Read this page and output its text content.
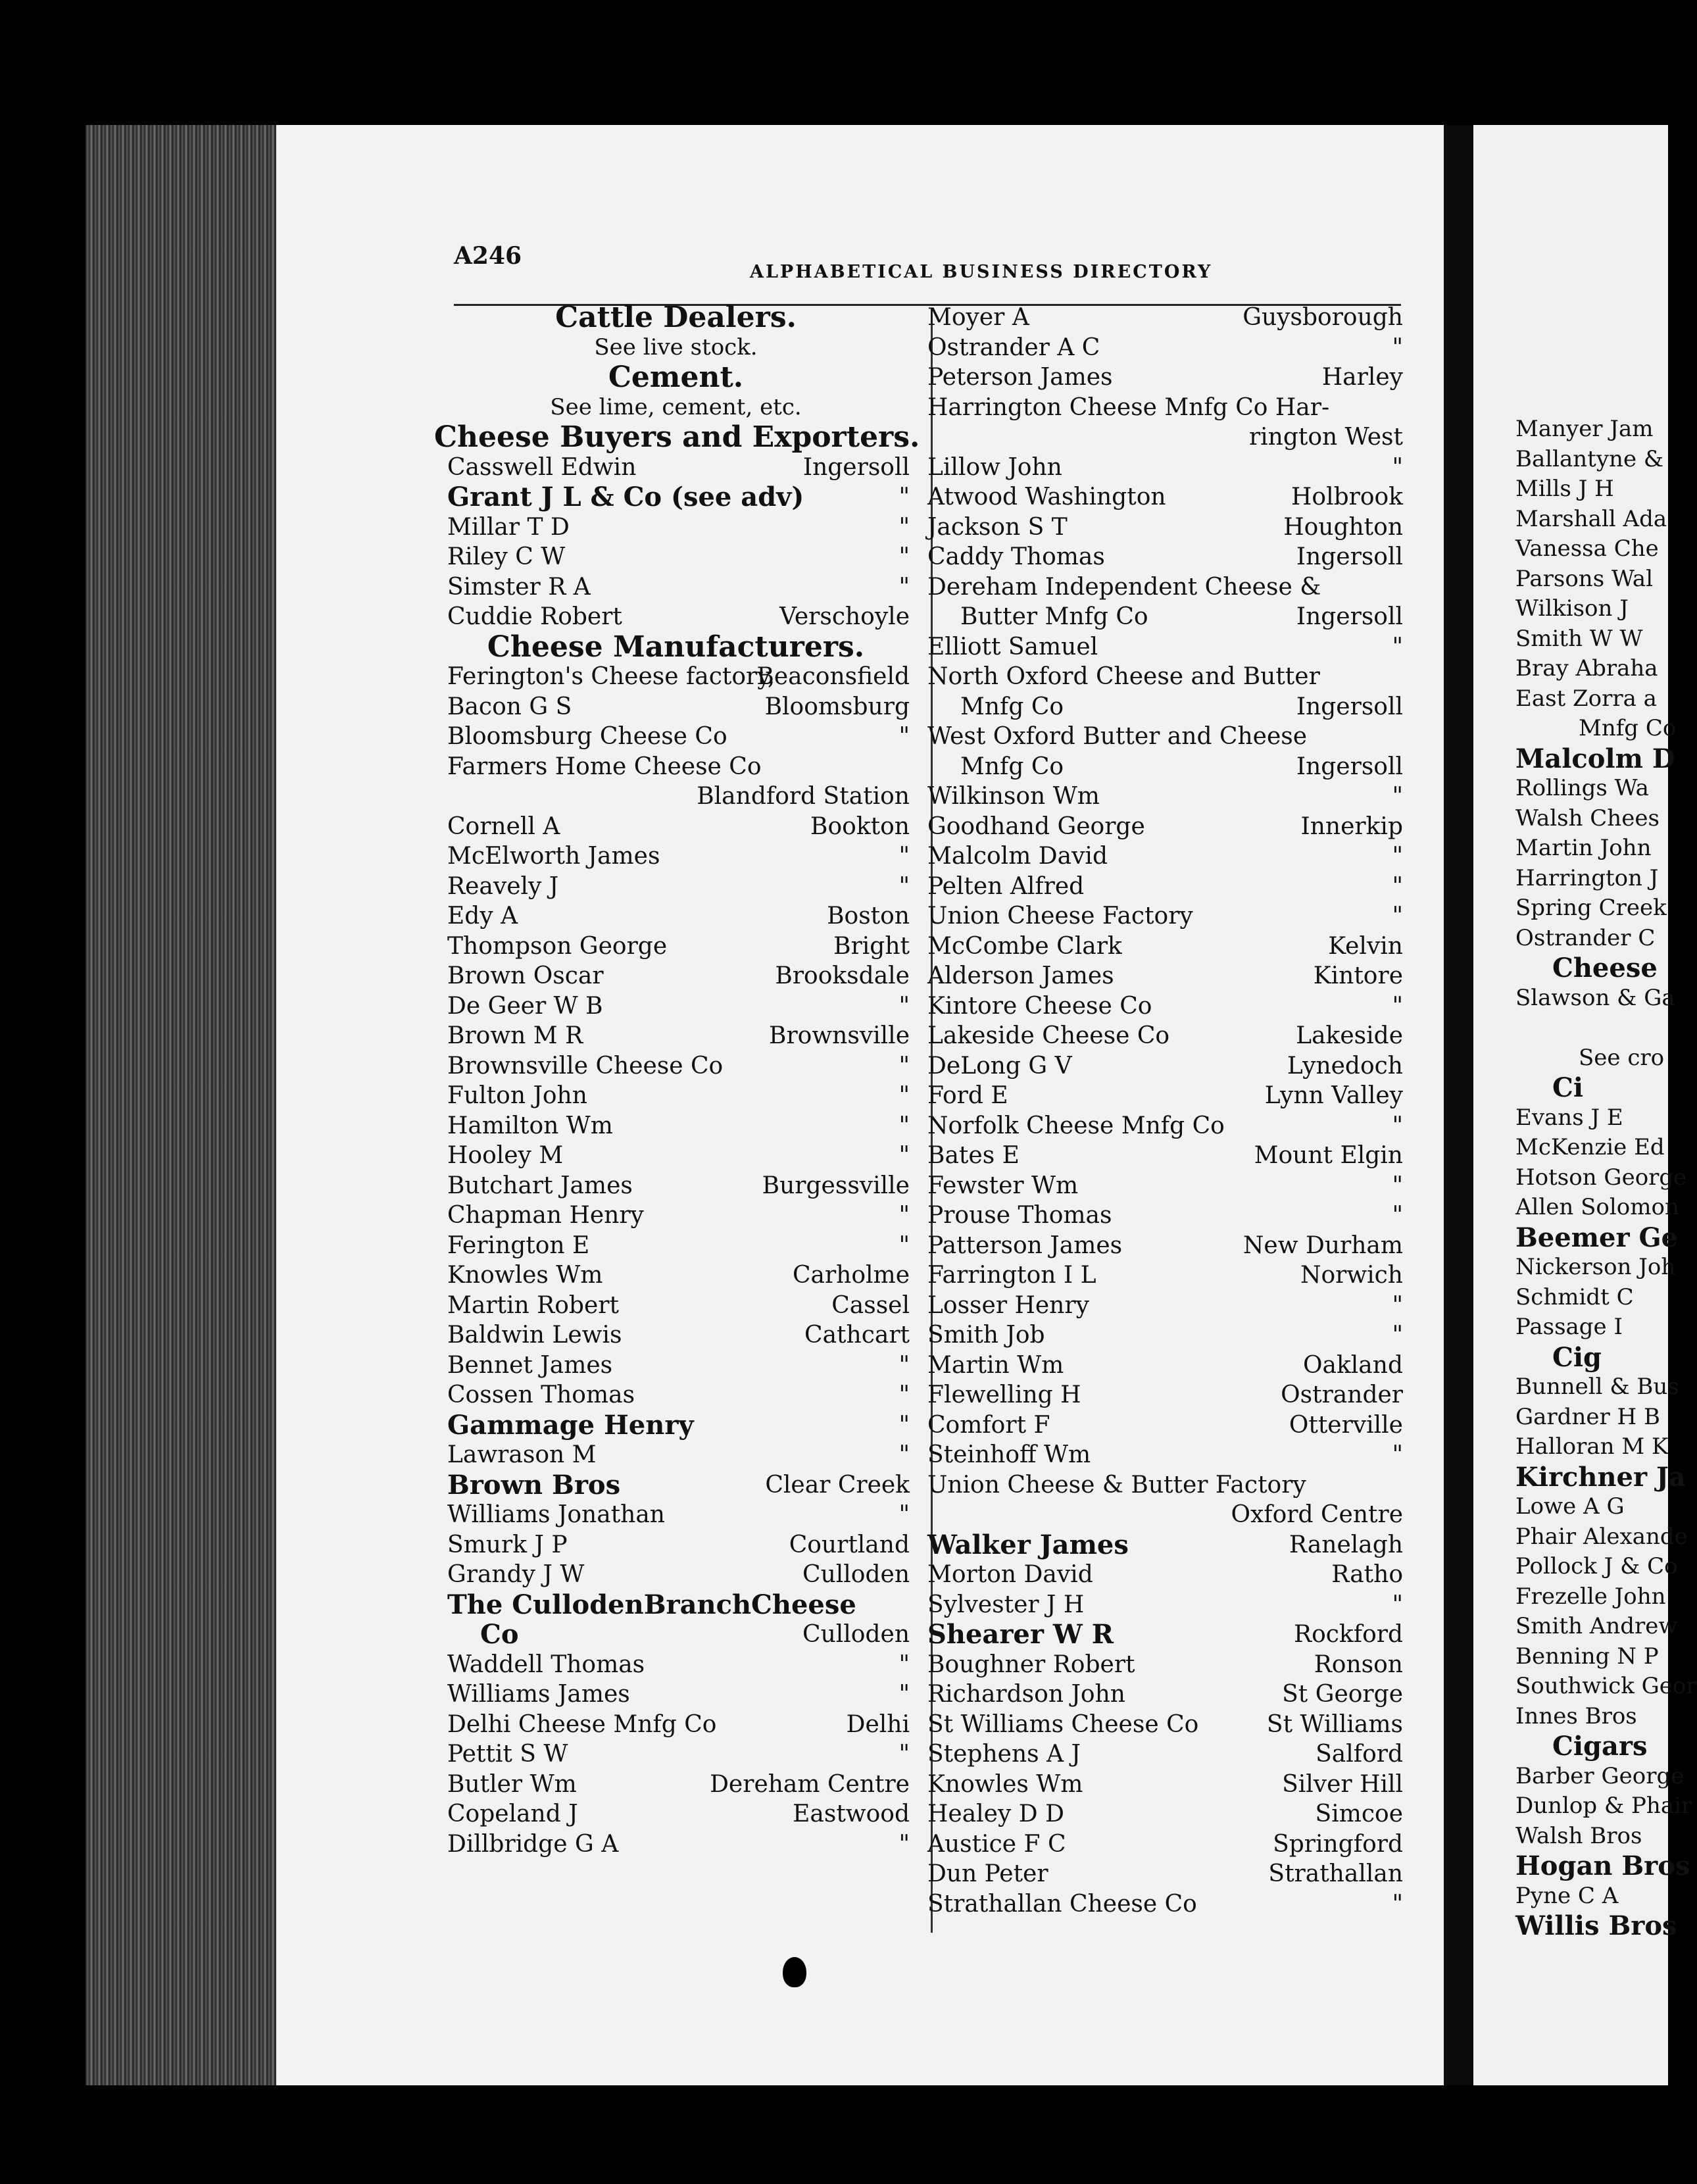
Manyer Jam
Ballantyne &
Mills J H
Marshall Ada
Vanessa Che
Parsons Wal
Wilkison J
Smith W W
Bray Abraha
East Zorra a
Mnfg Co
Malcolm D
Rollings Wa
Walsh Chees
Martin John
Harrington J
Spring Creek
Ostrander C
Cheese
Slawson & Ga
See cro
Ci
Evans J E
McKenzie Ed
Hotson George
Allen Solomon
Beemer Ge
Nickerson Joh
Schmidt C
Passage I
Cig
Bunnell & Bus
Gardner H B
Halloran M K
Kirchner Ja
Lowe A G
Phair Alexande
Pollock J & Co
Frezelle John
Smith Andrew
Benning N P
Southwick Geor
Innes Bros
Cigars
Barber George
Dunlop & Phair
Walsh Bros
Hogan Bros
Pyne C A
Willis Bros
A246
ALPHABETICAL BUSINESS DIRECTORY
Cattle Dealers.
See live stock.
Cement.
See lime, cement, etc.
Cheese Buyers and Exporters.
Casswell Edwin	Ingersoll
Grant J L & Co (see adv)	"
Millar T D	"
Riley C W	"
Simster R A	"
Cuddie Robert	Verschoyle
Cheese Manufacturers.
Ferington's Cheese factory,
Beaconsfield
Bacon G S	Bloomsburg
Bloomsburg Cheese Co	"
Farmers Home Cheese Co
Blandford Station
Cornell A	Bookton
McElworth James	"
Reavely J	"
Edy A	Boston
Thompson George	Bright
Brown Oscar	Brooksdale
De Geer W B	"
Brown M R	Brownsville
Brownsville Cheese Co	"
Fulton John	"
Hamilton Wm	"
Hooley M	"
Butchart James	Burgessville
Chapman Henry	"
Ferington E	"
Knowles Wm	Carholme
Martin Robert	Cassel
Baldwin Lewis	Cathcart
Bennet James	"
Cossen Thomas	"
Gammage Henry	"
Lawrason M	"
Brown Bros	Clear Creek
Williams Jonathan	"
Smurk J P	Courtland
Grandy J W	Culloden
The CullodenBranchCheese
Co	Culloden
Waddell Thomas	"
Williams James	"
Delhi Cheese Mnfg Co	Delhi
Pettit S W	"
Butler Wm	Dereham Centre
Copeland J	Eastwood
Dillbridge G A	"
Moyer A	Guysborough
Ostrander A C	"
Peterson James	Harley
Harrington Cheese Mnfg Co Har-
rington West
Lillow John	"
Atwood Washington	Holbrook
Jackson S T	Houghton
Caddy Thomas	Ingersoll
Dereham Independent Cheese &
Butter Mnfg Co	Ingersoll
Elliott Samuel	"
North Oxford Cheese and Butter
Mnfg Co	Ingersoll
West Oxford Butter and Cheese
Mnfg Co	Ingersoll
Wilkinson Wm	"
Goodhand George	Innerkip
Malcolm David	"
Pelten Alfred	"
Union Cheese Factory	"
McCombe Clark	Kelvin
Alderson James	Kintore
Kintore Cheese Co	"
Lakeside Cheese Co	Lakeside
DeLong G V	Lynedoch
Ford E	Lynn Valley
Norfolk Cheese Mnfg Co	"
Bates E	Mount Elgin
Fewster Wm	"
Prouse Thomas	"
Patterson James	New Durham
Farrington I L	Norwich
Losser Henry	"
Smith Job	"
Martin Wm	Oakland
Flewelling H	Ostrander
Comfort F	Otterville
Steinhoff Wm	"
Union Cheese & Butter Factory
Oxford Centre
Walker James	Ranelagh
Morton David	Ratho
Sylvester J H	"
Shearer W R	Rockford
Boughner Robert	Ronson
Richardson John	St George
St Williams Cheese Co	St Williams
Stephens A J	Salford
Knowles Wm	Silver Hill
Healey D D	Simcoe
Austice F C	Springford
Dun Peter	Strathallan
Strathallan Cheese Co	"
